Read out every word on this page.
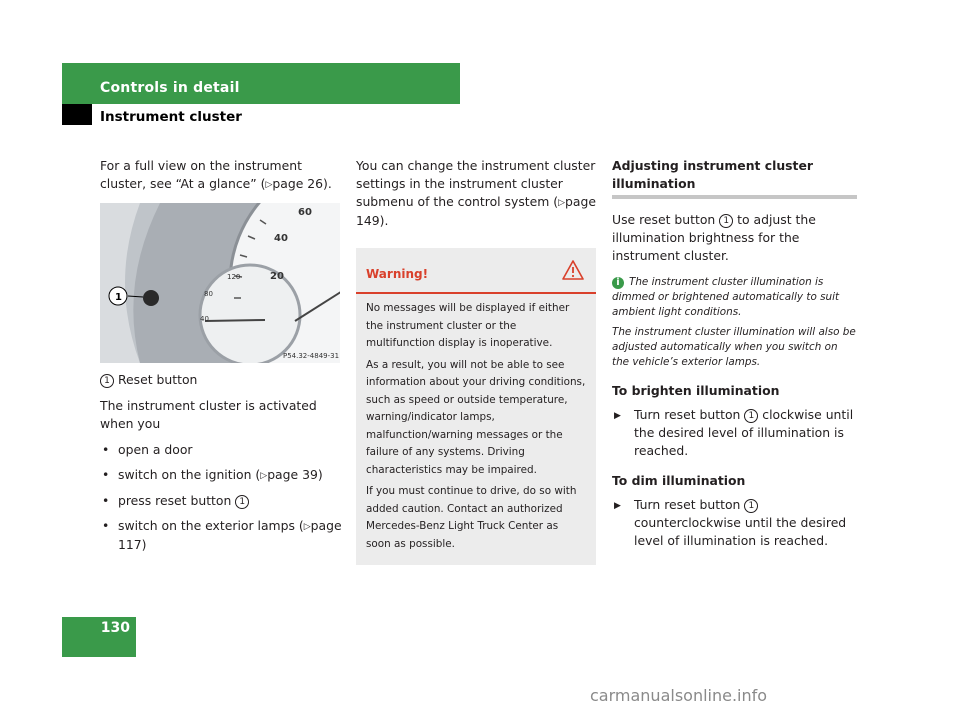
Controls in detail
Instrument cluster

For a full view on the instrument cluster, see “At a glance” (▷page 26).

60
40
20
120
80
40
1
P54.32-4849-31

1 Reset button

The instrument cluster is activated when you

• open a door
• switch on the ignition (▷page 39)
• press reset button 1
• switch on the exterior lamps (▷page 117)

You can change the instrument cluster settings in the instrument cluster submenu of the control system (▷page 149).

Warning!

No messages will be displayed if either the instrument cluster or the multifunction display is inoperative.

As a result, you will not be able to see information about your driving conditions, such as speed or outside temperature, warning/indicator lamps, malfunction/warning messages or the failure of any systems. Driving characteristics may be impaired.

If you must continue to drive, do so with added caution. Contact an authorized Mercedes-Benz Light Truck Center as soon as possible.

Adjusting instrument cluster illumination

Use reset button 1 to adjust the illumination brightness for the instrument cluster.

i The instrument cluster illumination is dimmed or brightened automatically to suit ambient light conditions.

The instrument cluster illumination will also be adjusted automatically when you switch on the vehicle’s exterior lamps.

To brighten illumination
▶ Turn reset button 1 clockwise until the desired level of illumination is reached.
To dim illumination
▶ Turn reset button 1 counterclockwise until the desired level of illumination is reached.
130
carmanualsonline.info
